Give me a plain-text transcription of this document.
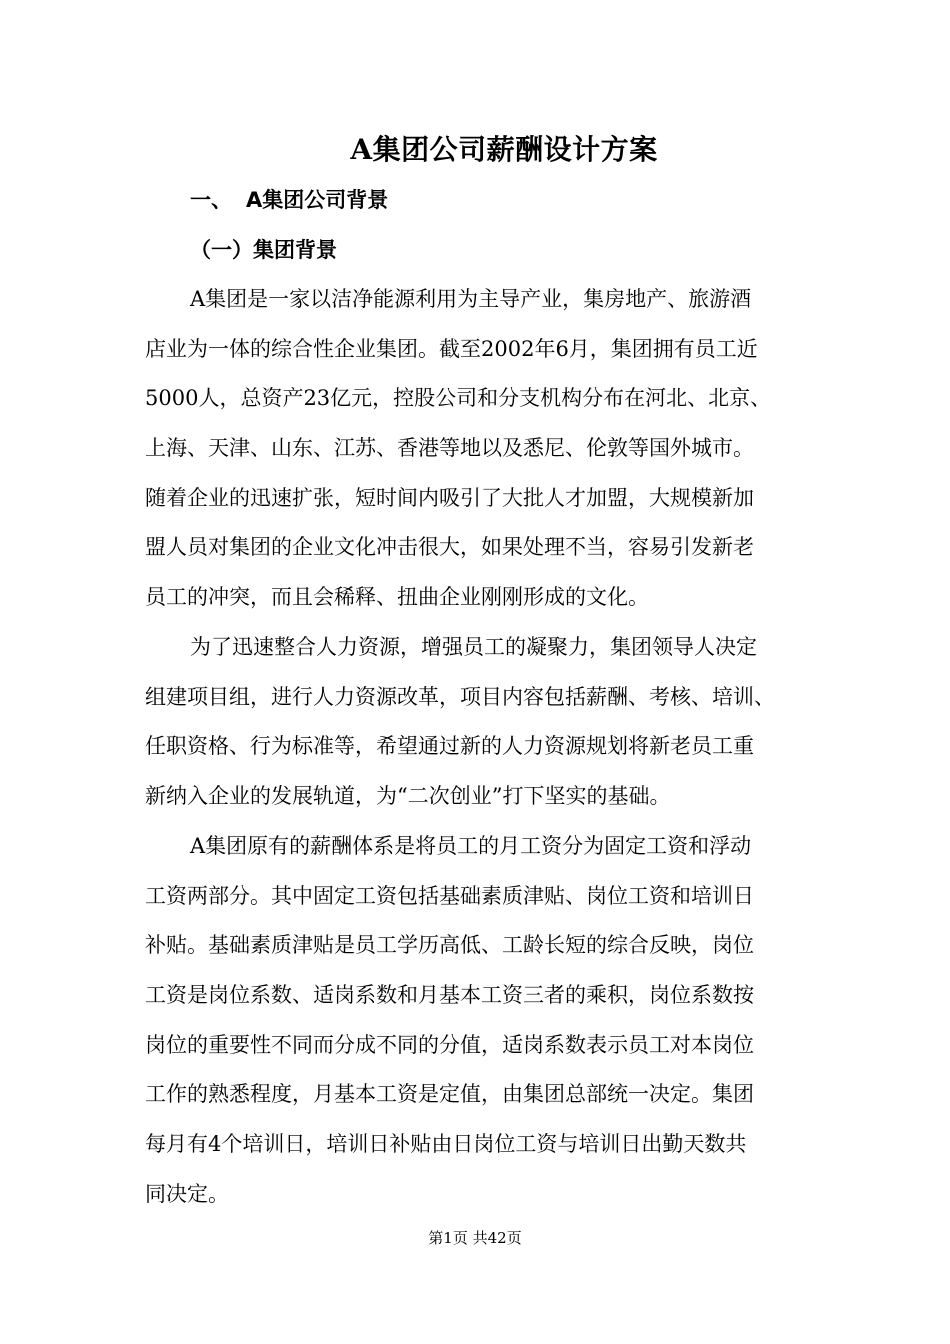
A集团公司薪酬设计方案
一、 A集团公司背景
（一）集团背景
A集团是一家以洁净能源利用为主导产业，集房地产、旅游酒
店业为一体的综合性企业集团。截至2002年6月，集团拥有员工近
5000人，总资产23亿元，控股公司和分支机构分布在河北、北京、
上海、天津、山东、江苏、香港等地以及悉尼、伦敦等国外城市。
随着企业的迅速扩张，短时间内吸引了大批人才加盟，大规模新加
盟人员对集团的企业文化冲击很大，如果处理不当，容易引发新老
员工的冲突，而且会稀释、扭曲企业刚刚形成的文化。
为了迅速整合人力资源，增强员工的凝聚力，集团领导人决定
组建项目组，进行人力资源改革，项目内容包括薪酬、考核、培训、
任职资格、行为标准等，希望通过新的人力资源规划将新老员工重
新纳入企业的发展轨道，为“二次创业”打下坚实的基础。
A集团原有的薪酬体系是将员工的月工资分为固定工资和浮动
工资两部分。其中固定工资包括基础素质津贴、岗位工资和培训日
补贴。基础素质津贴是员工学历高低、工龄长短的综合反映，岗位
工资是岗位系数、适岗系数和月基本工资三者的乘积，岗位系数按
岗位的重要性不同而分成不同的分值，适岗系数表示员工对本岗位
工作的熟悉程度，月基本工资是定值，由集团总部统一决定。集团
每月有4个培训日，培训日补贴由日岗位工资与培训日出勤天数共
同决定。
第1页 共42页
